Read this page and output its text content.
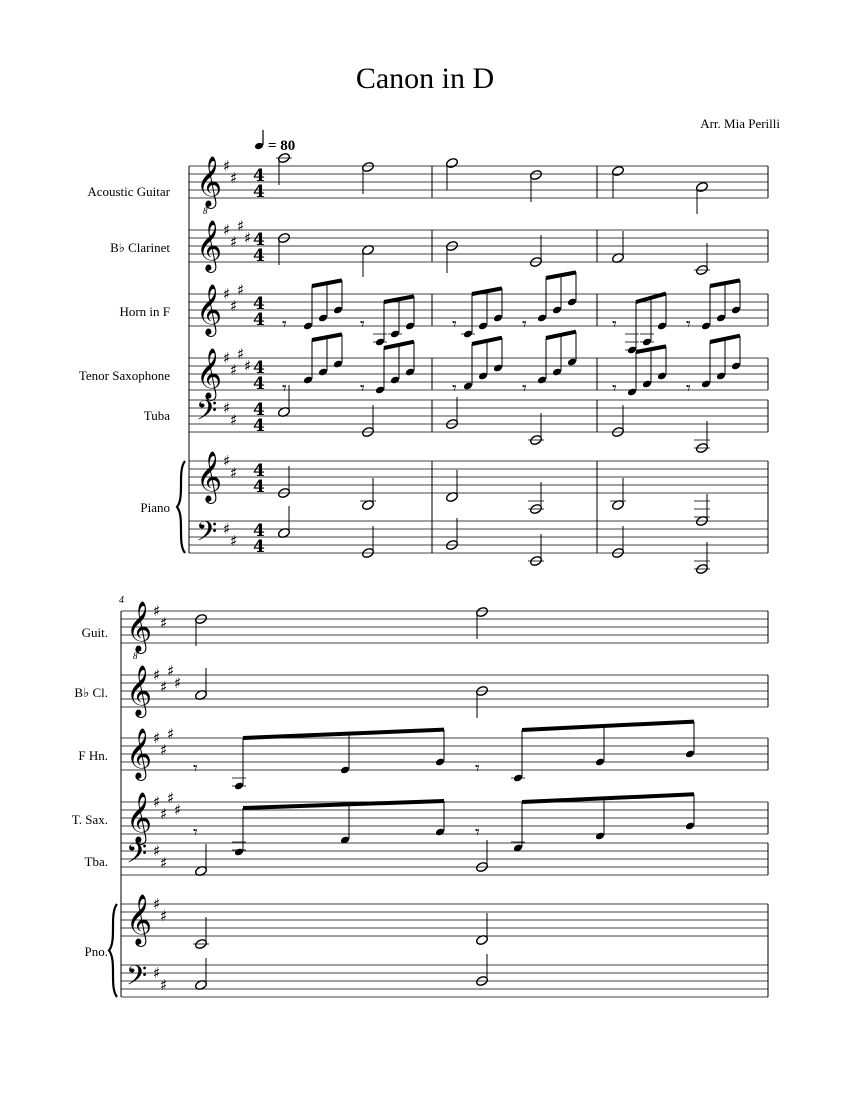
Canon in D
Arr. Mia Perilli
= 80
4
Acoustic Guitar
B♭ Clarinet
Horn in F
Tenor Saxophone
Tuba
Piano
𝄞
8
𝄞
𝄞
𝄞
𝄢
𝄞
𝄢
♯
♯
♯
♯
♯
♯
♯
♯
♯
♯
♯
♯
♯
♯
♯
♯
♯
♯
♯
4
4
4
4
4
4
4
4
4
4
4
4
4
4
𝄾	𝄾	𝄾	𝄾	𝄾	𝄾
𝄾	𝄾	𝄾	𝄾	𝄾	𝄾
Guit.
B♭ Cl.
F Hn.
T. Sax.
Tba.
Pno.
𝄞
8
𝄞
𝄞
𝄞
𝄢
𝄞
𝄢
♯
♯
♯
♯
♯
♯
♯
♯
♯
♯
♯
♯
♯
♯
♯
♯
♯
♯
♯
𝄾	𝄾
𝄾	𝄾
